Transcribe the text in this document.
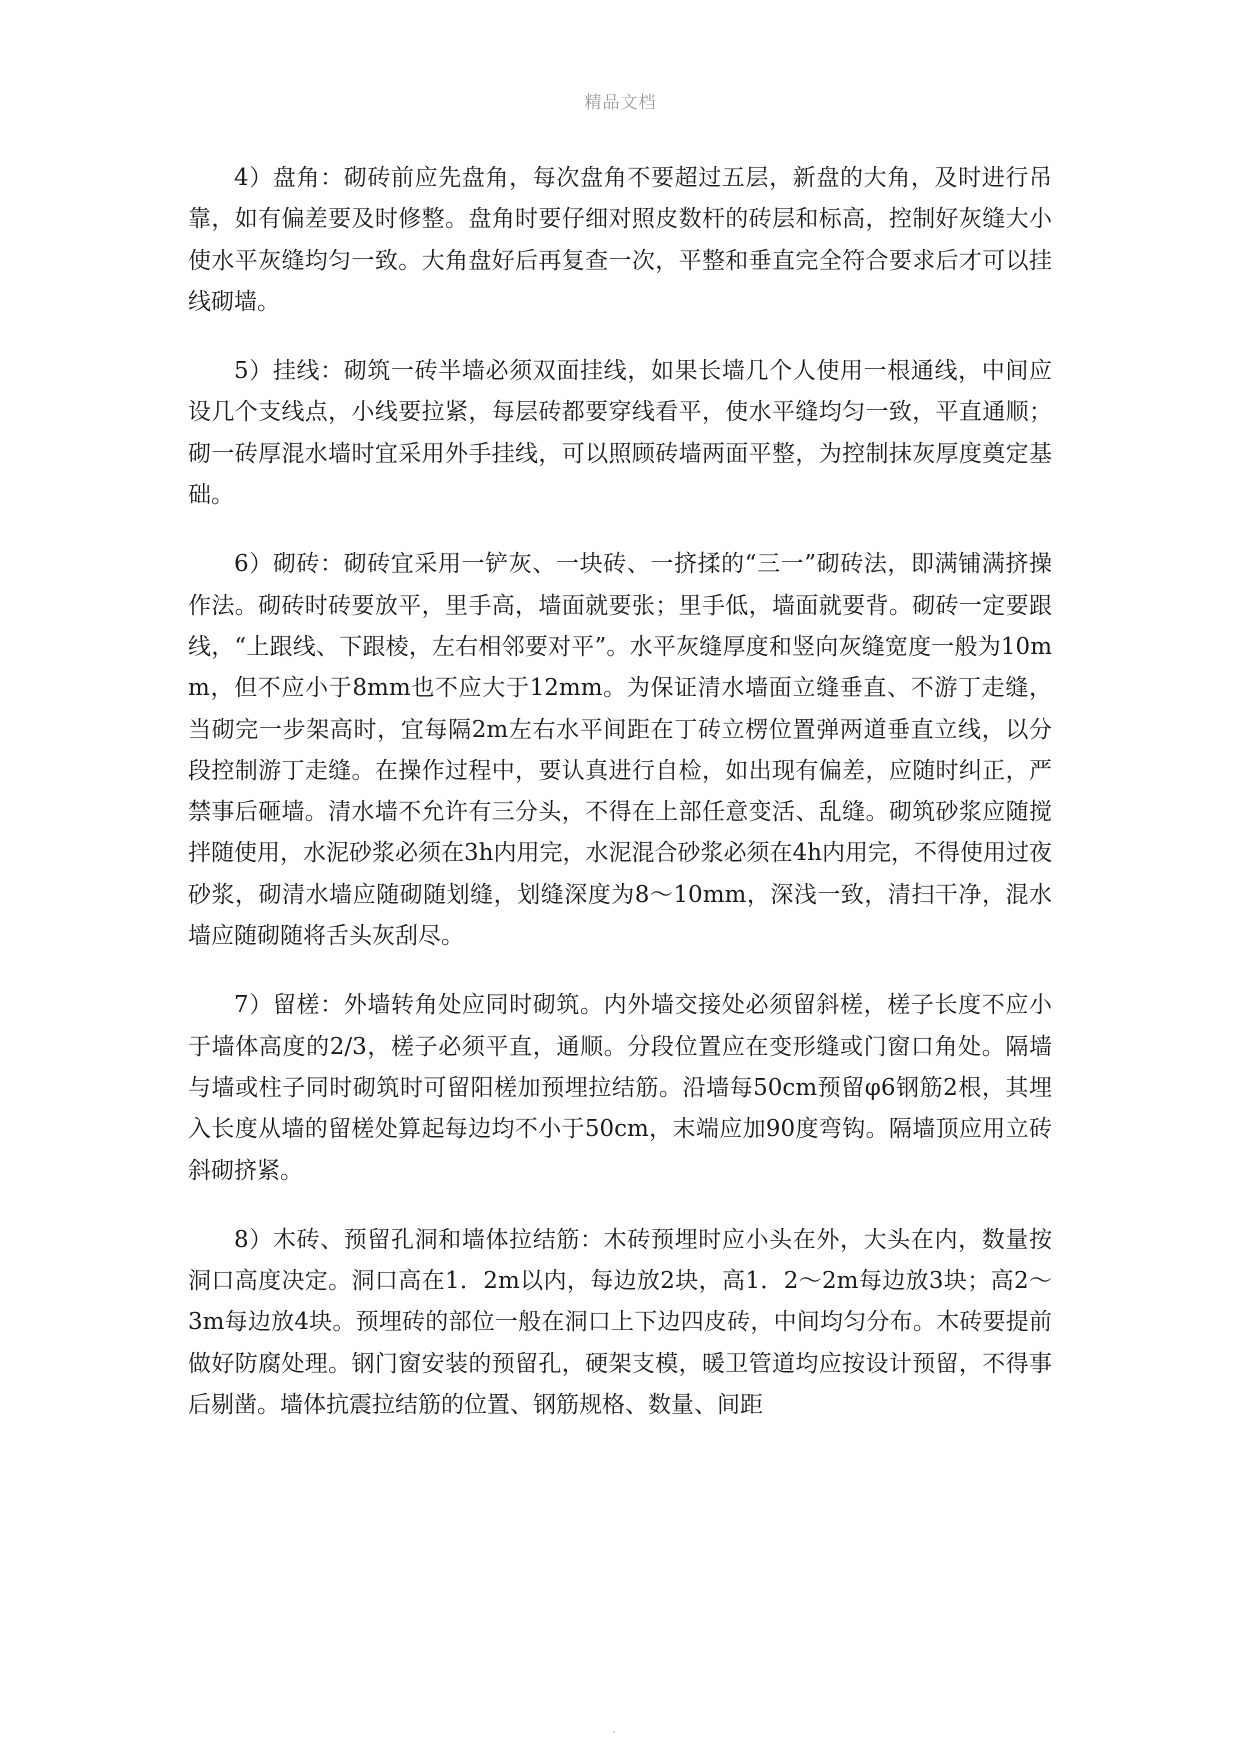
精品文档

4）盘角：砌砖前应先盘角，每次盘角不要超过五层，新盘的大角，及时进行吊靠，如有偏差要及时修整。盘角时要仔细对照皮数杆的砖层和标高，控制好灰缝大小使水平灰缝均匀一致。大角盘好后再复查一次，平整和垂直完全符合要求后才可以挂线砌墙。

5）挂线：砌筑一砖半墙必须双面挂线，如果长墙几个人使用一根通线，中间应设几个支线点，小线要拉紧，每层砖都要穿线看平，使水平缝均匀一致，平直通顺；砌一砖厚混水墙时宜采用外手挂线，可以照顾砖墙两面平整，为控制抹灰厚度奠定基础。

6）砌砖：砌砖宜采用一铲灰、一块砖、一挤揉的“三一”砌砖法，即满铺满挤操作法。砌砖时砖要放平，里手高，墙面就要张；里手低，墙面就要背。砌砖一定要跟线，“上跟线、下跟棱，左右相邻要对平”。水平灰缝厚度和竖向灰缝宽度一般为10mm，但不应小于8mm也不应大于12mm。为保证清水墙面立缝垂直、不游丁走缝，当砌完一步架高时，宜每隔2m左右水平间距在丁砖立楞位置弹两道垂直立线，以分段控制游丁走缝。在操作过程中，要认真进行自检，如出现有偏差，应随时纠正，严禁事后砸墙。清水墙不允许有三分头，不得在上部任意变活、乱缝。砌筑砂浆应随搅拌随使用，水泥砂浆必须在3h内用完，水泥混合砂浆必须在4h内用完，不得使用过夜砂浆，砌清水墙应随砌随划缝，划缝深度为8～10mm，深浅一致，清扫干净，混水墙应随砌随将舌头灰刮尽。

7）留槎：外墙转角处应同时砌筑。内外墙交接处必须留斜槎，槎子长度不应小于墙体高度的2/3，槎子必须平直，通顺。分段位置应在变形缝或门窗口角处。隔墙与墙或柱子同时砌筑时可留阳槎加预埋拉结筋。沿墙每50cm预留φ6钢筋2根，其埋入长度从墙的留槎处算起每边均不小于50cm，末端应加90度弯钩。隔墙顶应用立砖斜砌挤紧。

8）木砖、预留孔洞和墙体拉结筋：木砖预埋时应小头在外，大头在内，数量按洞口高度决定。洞口高在1．2m以内，每边放2块，高1．2～2m每边放3块；高2～3m每边放4块。预埋砖的部位一般在洞口上下边四皮砖，中间均匀分布。木砖要提前做好防腐处理。钢门窗安装的预留孔，硬架支模，暖卫管道均应按设计预留，不得事后剔凿。墙体抗震拉结筋的位置、钢筋规格、数量、间距

.
